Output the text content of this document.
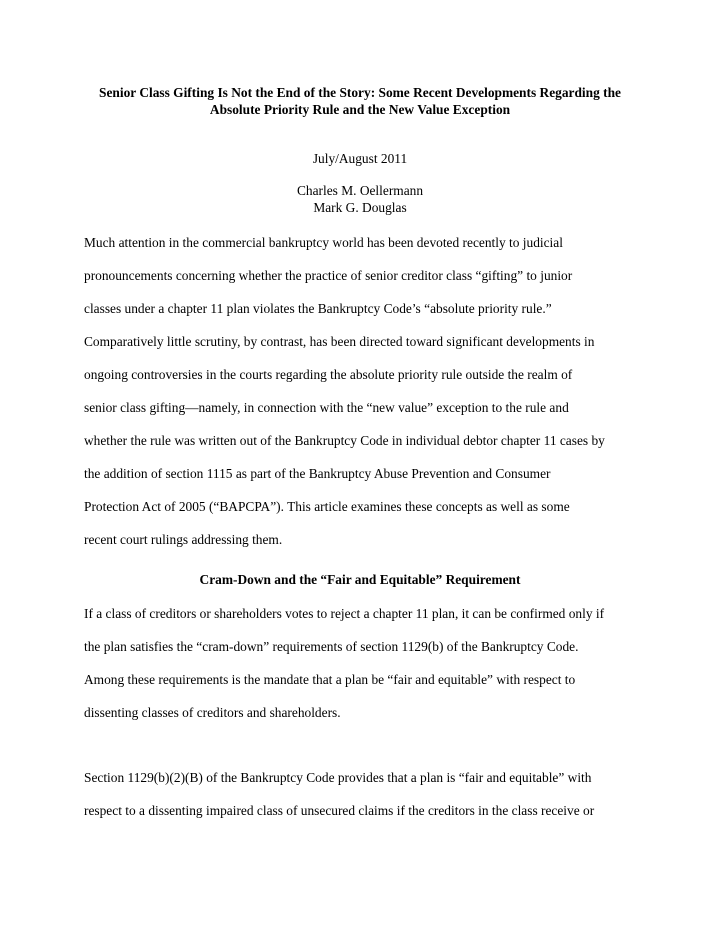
Senior Class Gifting Is Not the End of the Story: Some Recent Developments Regarding the
Absolute Priority Rule and the New Value Exception
July/August 2011
Charles M. Oellermann
Mark G. Douglas
Much attention in the commercial bankruptcy world has been devoted recently to judicial
pronouncements concerning whether the practice of senior creditor class “gifting” to junior
classes under a chapter 11 plan violates the Bankruptcy Code’s “absolute priority rule.”
Comparatively little scrutiny, by contrast, has been directed toward significant developments in
ongoing controversies in the courts regarding the absolute priority rule outside the realm of
senior class gifting—namely, in connection with the “new value” exception to the rule and
whether the rule was written out of the Bankruptcy Code in individual debtor chapter 11 cases by
the addition of section 1115 as part of the Bankruptcy Abuse Prevention and Consumer
Protection Act of 2005 (“BAPCPA”). This article examines these concepts as well as some
recent court rulings addressing them.
Cram-Down and the “Fair and Equitable” Requirement
If a class of creditors or shareholders votes to reject a chapter 11 plan, it can be confirmed only if
the plan satisfies the “cram-down” requirements of section 1129(b) of the Bankruptcy Code.
Among these requirements is the mandate that a plan be “fair and equitable” with respect to
dissenting classes of creditors and shareholders.
Section 1129(b)(2)(B) of the Bankruptcy Code provides that a plan is “fair and equitable” with
respect to a dissenting impaired class of unsecured claims if the creditors in the class receive or
